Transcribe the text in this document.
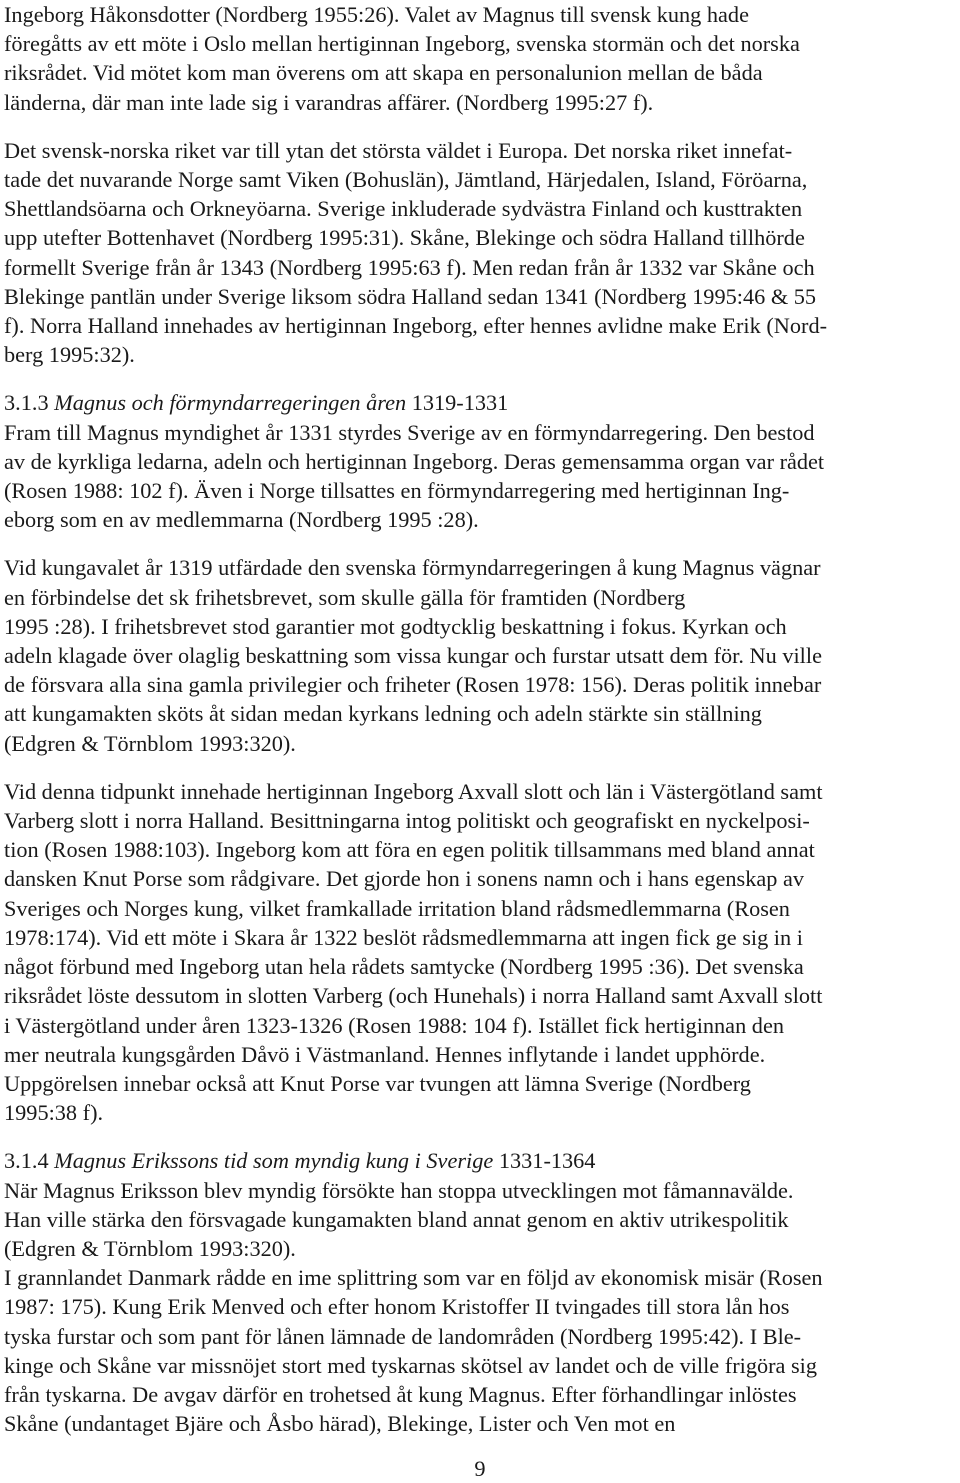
Ingeborg Håkonsdotter (Nordberg 1955:26). Valet av Magnus till svensk kung hade
föregåtts av ett möte i Oslo mellan hertiginnan Ingeborg, svenska stormän och det norska
riksrådet. Vid mötet kom man överens om att skapa en personalunion mellan de båda
länderna, där man inte lade sig i varandras affärer. (Nordberg 1995:27 f).
Det svensk-norska riket var till ytan det största väldet i Europa. Det norska riket innefat-
tade det nuvarande Norge samt Viken (Bohuslän), Jämtland, Härjedalen, Island, Föröarna,
Shettlandsöarna och Orkneyöarna. Sverige inkluderade sydvästra Finland och kusttrakten
upp utefter Bottenhavet (Nordberg 1995:31). Skåne, Blekinge och södra Halland tillhörde
formellt Sverige från år 1343 (Nordberg 1995:63 f). Men redan från år 1332 var Skåne och
Blekinge pantlän under Sverige liksom södra Halland sedan 1341 (Nordberg 1995:46 & 55
f). Norra Halland innehades av hertiginnan Ingeborg, efter hennes avlidne make Erik (Nord-
berg 1995:32).
3.1.3 Magnus och förmyndarregeringen åren 1319-1331
Fram till Magnus myndighet år 1331 styrdes Sverige av en förmyndarregering. Den bestod
av de kyrkliga ledarna, adeln och hertiginnan Ingeborg. Deras gemensamma organ var rådet
(Rosen 1988: 102 f). Även i Norge tillsattes en förmyndarregering med hertiginnan Ing-
eborg som en av medlemmarna (Nordberg 1995 :28).
Vid kungavalet år 1319 utfärdade den svenska förmyndarregeringen å kung Magnus vägnar
en förbindelse det sk frihetsbrevet, som skulle gälla för framtiden (Nordberg
1995 :28). I frihetsbrevet stod garantier mot godtycklig beskattning i fokus. Kyrkan och
adeln klagade över olaglig beskattning som vissa kungar och furstar utsatt dem för. Nu ville
de försvara alla sina gamla privilegier och friheter (Rosen 1978: 156). Deras politik innebar
att kungamakten sköts åt sidan medan kyrkans ledning och adeln stärkte sin ställning
(Edgren & Törnblom 1993:320).
Vid denna tidpunkt innehade hertiginnan Ingeborg Axvall slott och län i Västergötland samt
Varberg slott i norra Halland. Besittningarna intog politiskt och geografiskt en nyckelposi-
tion (Rosen 1988:103). Ingeborg kom att föra en egen politik tillsammans med bland annat
dansken Knut Porse som rådgivare. Det gjorde hon i sonens namn och i hans egenskap av
Sveriges och Norges kung, vilket framkallade irritation bland rådsmedlemmarna (Rosen
1978:174). Vid ett möte i Skara år 1322 beslöt rådsmedlemmarna att ingen fick ge sig in i
något förbund med Ingeborg utan hela rådets samtycke (Nordberg 1995 :36). Det svenska
riksrådet löste dessutom in slotten Varberg (och Hunehals) i norra Halland samt Axvall slott
i Västergötland under åren 1323-1326 (Rosen 1988: 104 f). Istället fick hertiginnan den
mer neutrala kungsgården Dåvö i Västmanland. Hennes inflytande i landet upphörde.
Uppgörelsen innebar också att Knut Porse var tvungen att lämna Sverige (Nordberg
1995:38 f).
3.1.4 Magnus Erikssons tid som myndig kung i Sverige 1331-1364
När Magnus Eriksson blev myndig försökte han stoppa utvecklingen mot fåmannavälde.
Han ville stärka den försvagade kungamakten bland annat genom en aktiv utrikespolitik
(Edgren & Törnblom 1993:320).
I grannlandet Danmark rådde en ime splittring som var en följd av ekonomisk misär (Rosen
1987: 175). Kung Erik Menved och efter honom Kristoffer II tvingades till stora lån hos
tyska furstar och som pant för lånen lämnade de landområden (Nordberg 1995:42). I Ble-
kinge och Skåne var missnöjet stort med tyskarnas skötsel av landet och de ville frigöra sig
från tyskarna. De avgav därför en trohetsed åt kung Magnus. Efter förhandlingar inlöstes
Skåne (undantaget Bjäre och Åsbo härad), Blekinge, Lister och Ven mot en
9
